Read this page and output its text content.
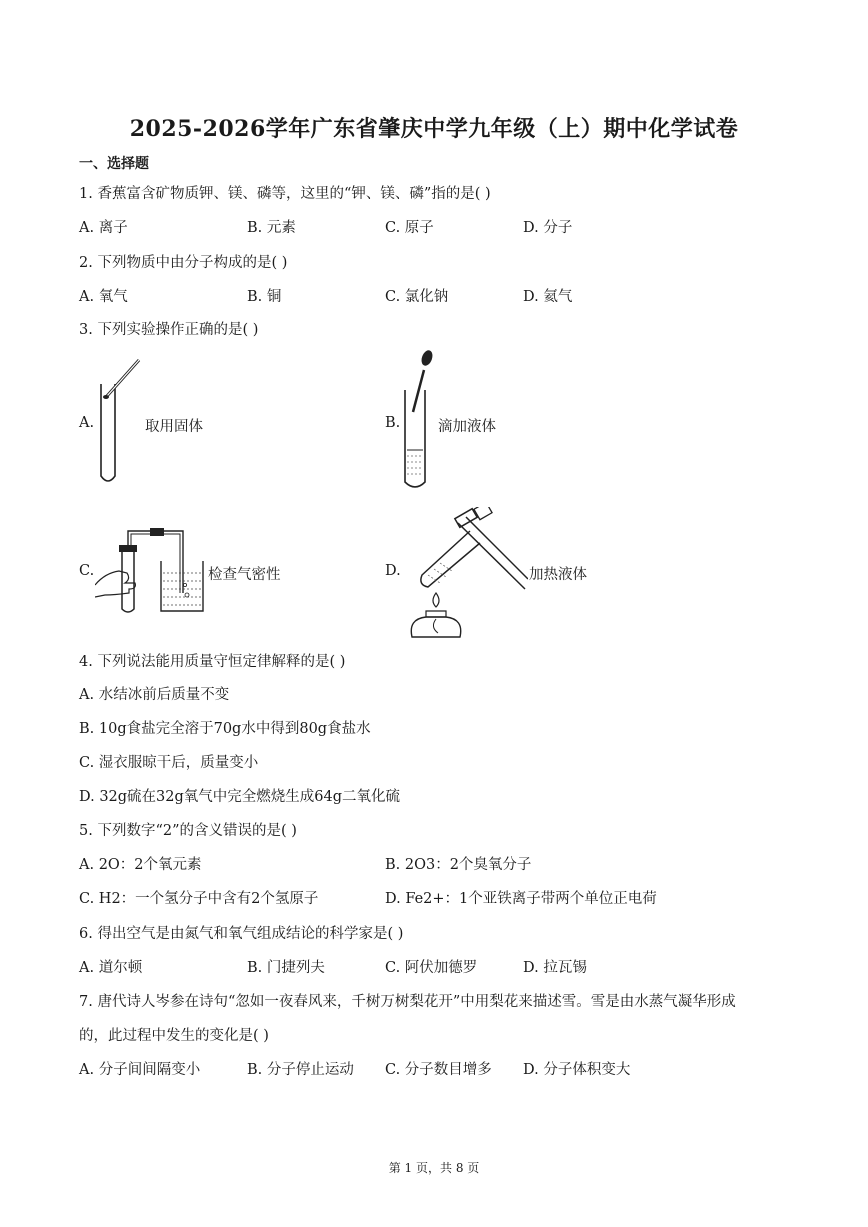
2025-2026学年广东省肇庆中学九年级（上）期中化学试卷
一、选择题
1. 香蕉富含矿物质钾、镁、磷等，这里的“钾、镁、磷”指的是( )
A. 离子	B. 元素	C. 原子	D. 分子
2. 下列物质中由分子构成的是( )
A. 氧气	B. 铜	C. 氯化钠	D. 氦气
3. 下列实验操作正确的是( )
A.	取用固体	B.	滴加液体
C.	检查气密性	D.	加热液体
4. 下列说法能用质量守恒定律解释的是( )
A. 水结冰前后质量不变
B. 10g食盐完全溶于70g水中得到80g食盐水
C. 湿衣服晾干后，质量变小
D. 32g硫在32g氧气中完全燃烧生成64g二氧化硫
5. 下列数字“2”的含义错误的是( )
A. 2O：2个氧元素	B. 2O3：2个臭氧分子
C. H2：一个氢分子中含有2个氢原子	D. Fe2+：1个亚铁离子带两个单位正电荷
6. 得出空气是由氮气和氧气组成结论的科学家是( )
A. 道尔顿	B. 门捷列夫	C. 阿伏加德罗	D. 拉瓦锡
7. 唐代诗人岑参在诗句“忽如一夜春风来，千树万树梨花开”中用梨花来描述雪。雪是由水蒸气凝华形成
的，此过程中发生的变化是( )
A. 分子间间隔变小	B. 分子停止运动 C. 分子数目增多 D. 分子体积变大
第 1 页，共 8 页
